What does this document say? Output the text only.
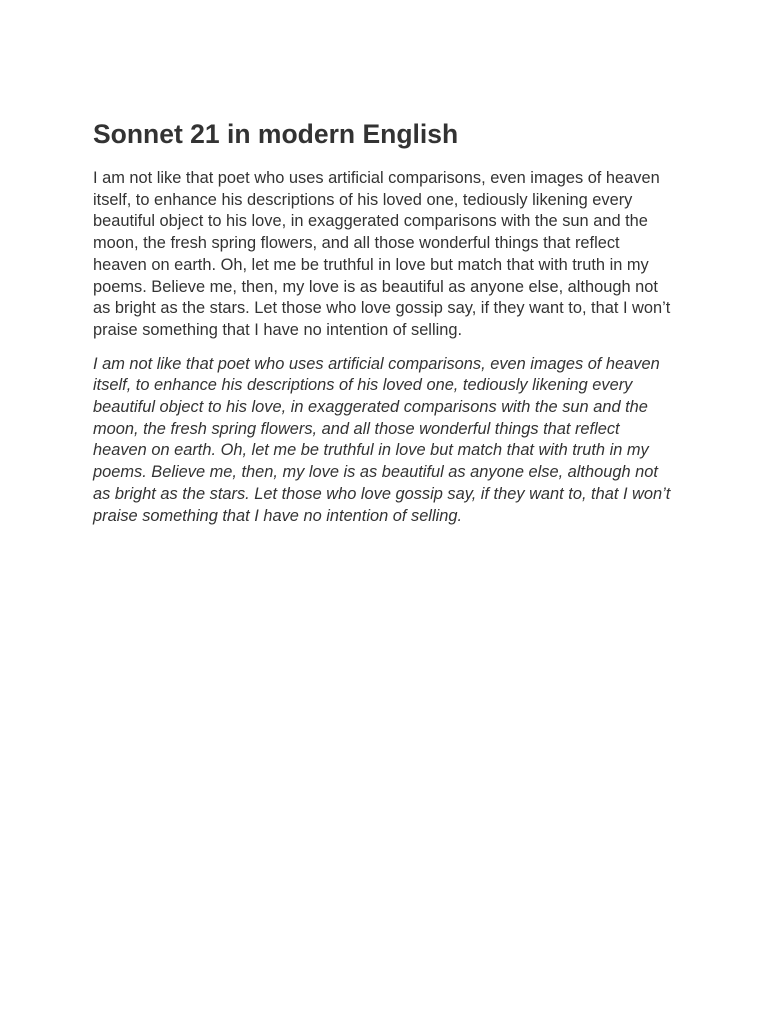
Sonnet 21 in modern English

I am not like that poet who uses artificial comparisons, even images of heaven itself, to enhance his descriptions of his loved one, tediously likening every beautiful object to his love, in exaggerated comparisons with the sun and the moon, the fresh spring flowers, and all those wonderful things that reflect heaven on earth. Oh, let me be truthful in love but match that with truth in my poems. Believe me, then, my love is as beautiful as anyone else, although not as bright as the stars. Let those who love gossip say, if they want to, that I won’t praise something that I have no intention of selling.

I am not like that poet who uses artificial comparisons, even images of heaven itself, to enhance his descriptions of his loved one, tediously likening every beautiful object to his love, in exaggerated comparisons with the sun and the moon, the fresh spring flowers, and all those wonderful things that reflect heaven on earth. Oh, let me be truthful in love but match that with truth in my poems. Believe me, then, my love is as beautiful as anyone else, although not as bright as the stars. Let those who love gossip say, if they want to, that I won’t praise something that I have no intention of selling.
